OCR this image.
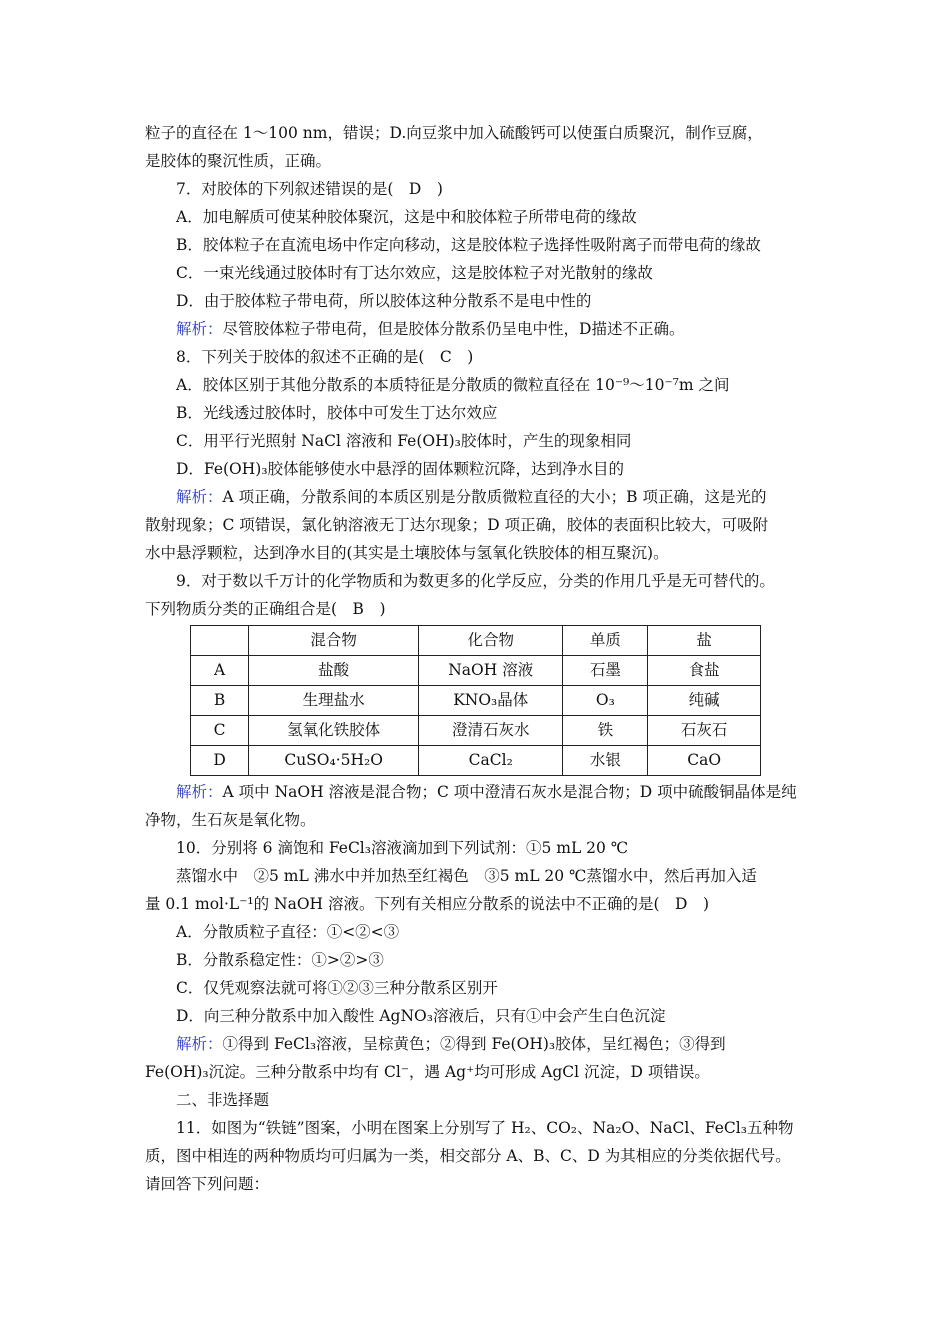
粒子的直径在 1～100 nm，错误；D.向豆浆中加入硫酸钙可以使蛋白质聚沉，制作豆腐，
是胶体的聚沉性质，正确。
7．对胶体的下列叙述错误的是(　D　)
A．加电解质可使某种胶体聚沉，这是中和胶体粒子所带电荷的缘故
B．胶体粒子在直流电场中作定向移动，这是胶体粒子选择性吸附离子而带电荷的缘故
C．一束光线通过胶体时有丁达尔效应，这是胶体粒子对光散射的缘故
D．由于胶体粒子带电荷，所以胶体这种分散系不是电中性的
解析：尽管胶体粒子带电荷，但是胶体分散系仍呈电中性，D描述不正确。
8．下列关于胶体的叙述不正确的是(　C　)
A．胶体区别于其他分散系的本质特征是分散质的微粒直径在 10⁻⁹～10⁻⁷m 之间
B．光线透过胶体时，胶体中可发生丁达尔效应
C．用平行光照射 NaCl 溶液和 Fe(OH)₃胶体时，产生的现象相同
D．Fe(OH)₃胶体能够使水中悬浮的固体颗粒沉降，达到净水目的
解析：A 项正确，分散系间的本质区别是分散质微粒直径的大小；B 项正确，这是光的
散射现象；C 项错误，氯化钠溶液无丁达尔现象；D 项正确，胶体的表面积比较大，可吸附
水中悬浮颗粒，达到净水目的(其实是土壤胶体与氢氧化铁胶体的相互聚沉)。
9．对于数以千万计的化学物质和为数更多的化学反应，分类的作用几乎是无可替代的。
下列物质分类的正确组合是(　B　)
	混合物	化合物	单质	盐
A	盐酸	NaOH 溶液	石墨	食盐
B	生理盐水	KNO₃晶体	O₃	纯碱
C	氢氧化铁胶体	澄清石灰水	铁	石灰石
D	CuSO₄·5H₂O	CaCl₂	水银	CaO
解析：A 项中 NaOH 溶液是混合物；C 项中澄清石灰水是混合物；D 项中硫酸铜晶体是纯
净物，生石灰是氧化物。
10．分别将 6 滴饱和 FeCl₃溶液滴加到下列试剂：①5 mL 20 ℃
蒸馏水中　②5 mL 沸水中并加热至红褐色　③5 mL 20 ℃蒸馏水中，然后再加入适
量 0.1 mol·L⁻¹的 NaOH 溶液。下列有关相应分散系的说法中不正确的是(　D　)
A．分散质粒子直径：①<②<③
B．分散系稳定性：①>②>③
C．仅凭观察法就可将①②③三种分散系区别开
D．向三种分散系中加入酸性 AgNO₃溶液后，只有①中会产生白色沉淀
解析：①得到 FeCl₃溶液，呈棕黄色；②得到 Fe(OH)₃胶体，呈红褐色；③得到
Fe(OH)₃沉淀。三种分散系中均有 Cl⁻，遇 Ag⁺均可形成 AgCl 沉淀，D 项错误。
二、非选择题
11．如图为“铁链”图案，小明在图案上分别写了 H₂、CO₂、Na₂O、NaCl、FeCl₃五种物
质，图中相连的两种物质均可归属为一类，相交部分 A、B、C、D 为其相应的分类依据代号。
请回答下列问题：
